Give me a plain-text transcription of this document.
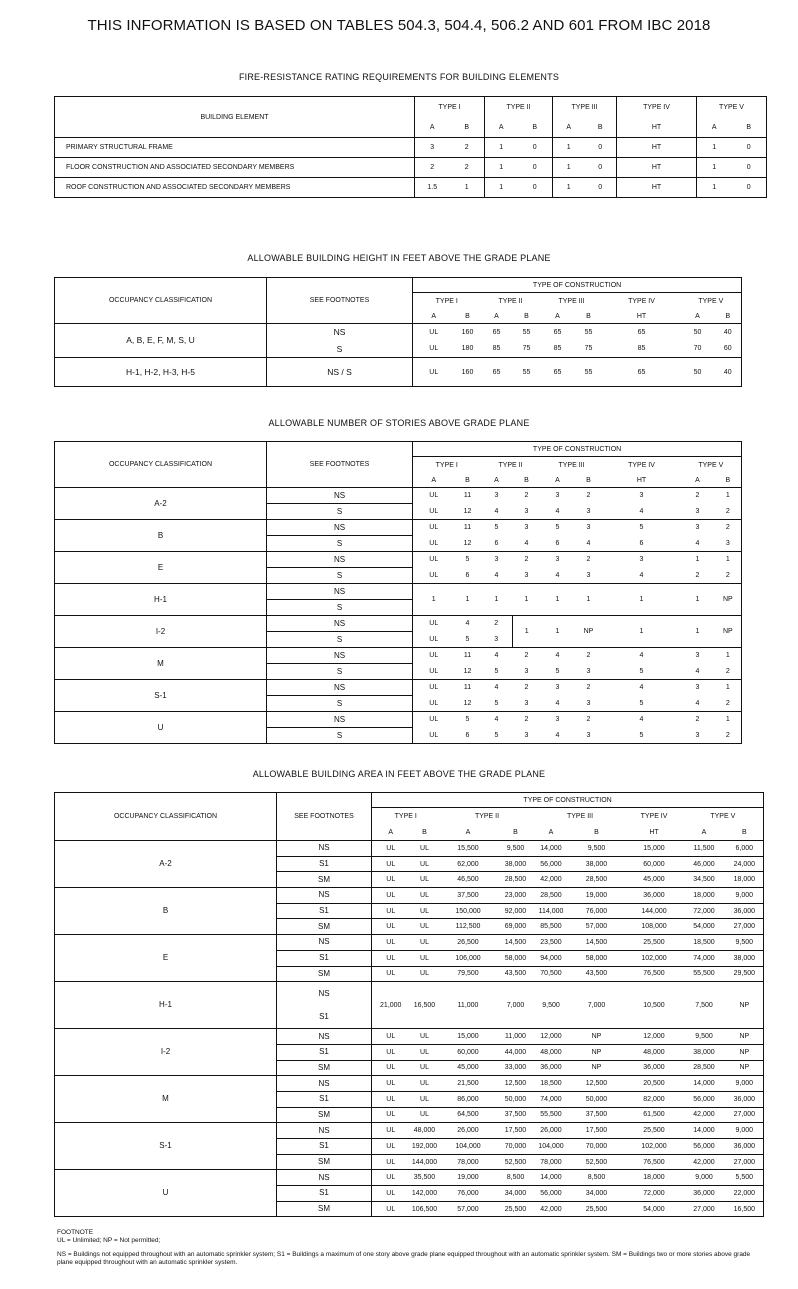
THIS INFORMATION IS BASED ON TABLES 504.3, 504.4, 506.2 AND 601 FROM IBC 2018
FIRE-RESISTANCE RATING REQUIREMENTS FOR BUILDING ELEMENTS
BUILDING ELEMENT	TYPE I		TYPE II		TYPE III		TYPE IV	TYPE V	
	A	B	A	B	A	B	HT	A	B
PRIMARY STRUCTURAL FRAME	3	2	1	0	1	0	HT	1	0
FLOOR CONSTRUCTION AND ASSOCIATED SECONDARY MEMBERS	2	2	1	0	1	0	HT	1	0
ROOF CONSTRUCTION AND ASSOCIATED SECONDARY MEMBERS	1.5	1	1	0	1	0	HT	1	0
ALLOWABLE BUILDING HEIGHT IN FEET ABOVE THE GRADE PLANE
OCCUPANCY CLASSIFICATION	SEE FOOTNOTES	TYPE OF CONSTRUCTION								
		TYPE I		TYPE II		TYPE III		TYPE IV	TYPE V	
		A	B	A	B	A	B	HT	A	B
A, B, E, F, M, S, U	NS	UL	160	65	55	65	55	65	50	40
	S	UL	180	85	75	85	75	85	70	60
H-1, H-2, H-3, H-5	NS / S	UL	160	65	55	65	55	65	50	40
ALLOWABLE NUMBER OF STORIES ABOVE GRADE PLANE
OCCUPANCY CLASSIFICATION	SEE FOOTNOTES	TYPE OF CONSTRUCTION								
		TYPE I		TYPE II		TYPE III		TYPE IV	TYPE V	
		A	B	A	B	A	B	HT	A	B
A-2	NS	UL	11	3	2	3	2	3	2	1
	S	UL	12	4	3	4	3	4	3	2
B	NS	UL	11	5	3	5	3	5	3	2
	S	UL	12	6	4	6	4	6	4	3
E	NS	UL	5	3	2	3	2	3	1	1
	S	UL	6	4	3	4	3	4	2	2
H-1	NS	1	1	1	1	1	1	1	1	NP
	S									
I-2	NS	UL	4	2	1	1	NP	1	1	NP
	S	UL	5	3						
M	NS	UL	11	4	2	4	2	4	3	1
	S	UL	12	5	3	5	3	5	4	2
S-1	NS	UL	11	4	2	3	2	4	3	1
	S	UL	12	5	3	4	3	5	4	2
U	NS	UL	5	4	2	3	2	4	2	1
	S	UL	6	5	3	4	3	5	3	2
ALLOWABLE BUILDING AREA IN FEET ABOVE THE GRADE PLANE
OCCUPANCY CLASSIFICATION	SEE FOOTNOTES	TYPE OF CONSTRUCTION								
		TYPE I		TYPE II		TYPE III		TYPE IV	TYPE V	
		A	B	A	B	A	B	HT	A	B
A-2	NS	UL	UL	15,500	9,500	14,000	9,500	15,000	11,500	6,000
	S1	UL	UL	62,000	38,000	56,000	38,000	60,000	46,000	24,000
	SM	UL	UL	46,500	28,500	42,000	28,500	45,000	34,500	18,000
B	NS	UL	UL	37,500	23,000	28,500	19,000	36,000	18,000	9,000
	S1	UL	UL	150,000	92,000	114,000	76,000	144,000	72,000	36,000
	SM	UL	UL	112,500	69,000	85,500	57,000	108,000	54,000	27,000
E	NS	UL	UL	26,500	14,500	23,500	14,500	25,500	18,500	9,500
	S1	UL	UL	106,000	58,000	94,000	58,000	102,000	74,000	38,000
	SM	UL	UL	79,500	43,500	70,500	43,500	76,500	55,500	29,500
H-1	NS	21,000	16,500	11,000	7,000	9,500	7,000	10,500	7,500	NP
	S1									
I-2	NS	UL	UL	15,000	11,000	12,000	NP	12,000	9,500	NP
	S1	UL	UL	60,000	44,000	48,000	NP	48,000	38,000	NP
	SM	UL	UL	45,000	33,000	36,000	NP	36,000	28,500	NP
M	NS	UL	UL	21,500	12,500	18,500	12,500	20,500	14,000	9,000
	S1	UL	UL	86,000	50,000	74,000	50,000	82,000	56,000	36,000
	SM	UL	UL	64,500	37,500	55,500	37,500	61,500	42,000	27,000
S-1	NS	UL	48,000	26,000	17,500	26,000	17,500	25,500	14,000	9,000
	S1	UL	192,000	104,000	70,000	104,000	70,000	102,000	56,000	36,000
	SM	UL	144,000	78,000	52,500	78,000	52,500	76,500	42,000	27,000
U	NS	UL	35,500	19,000	8,500	14,000	8,500	18,000	9,000	5,500
	S1	UL	142,000	76,000	34,000	56,000	34,000	72,000	36,000	22,000
	SM	UL	106,500	57,000	25,500	42,000	25,500	54,000	27,000	16,500
FOOTNOTE
UL = Unlimited; NP = Not permitted;
NS = Buildings not equipped throughout with an automatic sprinkler system; S1 = Buildings a maximum of one story above grade plane equipped throughout with an automatic sprinkler system. SM = Buildings two or more stories above grade plane equipped throughout with an automatic sprinkler system.
